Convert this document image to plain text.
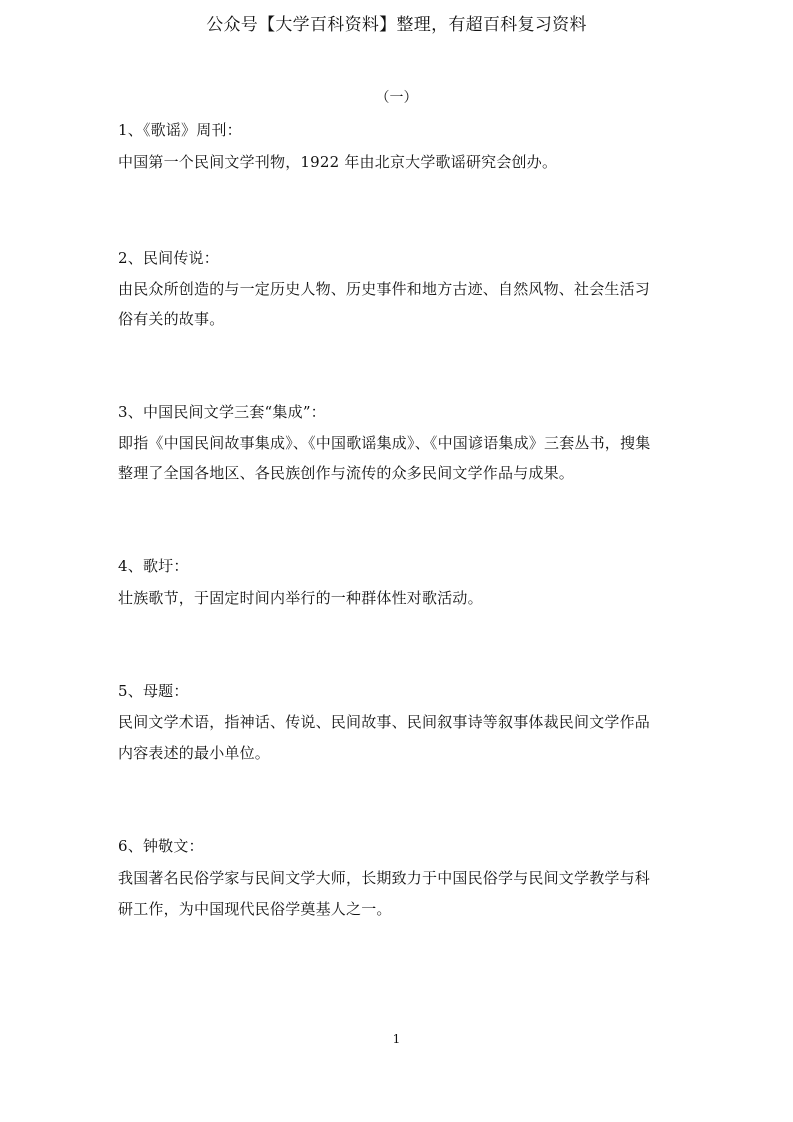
公众号【大学百科资料】整理，有超百科复习资料
（一）
1、《歌谣》周刊：
中国第一个民间文学刊物，1922 年由北京大学歌谣研究会创办。
2、民间传说：
由民众所创造的与一定历史人物、历史事件和地方古迹、自然风物、社会生活习
俗有关的故事。
3、中国民间文学三套“集成”：
即指《中国民间故事集成》、《中国歌谣集成》、《中国谚语集成》三套丛书，搜集
整理了全国各地区、各民族创作与流传的众多民间文学作品与成果。
4、歌圩：
壮族歌节，于固定时间内举行的一种群体性对歌活动。
5、母题：
民间文学术语，指神话、传说、民间故事、民间叙事诗等叙事体裁民间文学作品
内容表述的最小单位。
6、钟敬文：
我国著名民俗学家与民间文学大师，长期致力于中国民俗学与民间文学教学与科
研工作，为中国现代民俗学奠基人之一。
1
